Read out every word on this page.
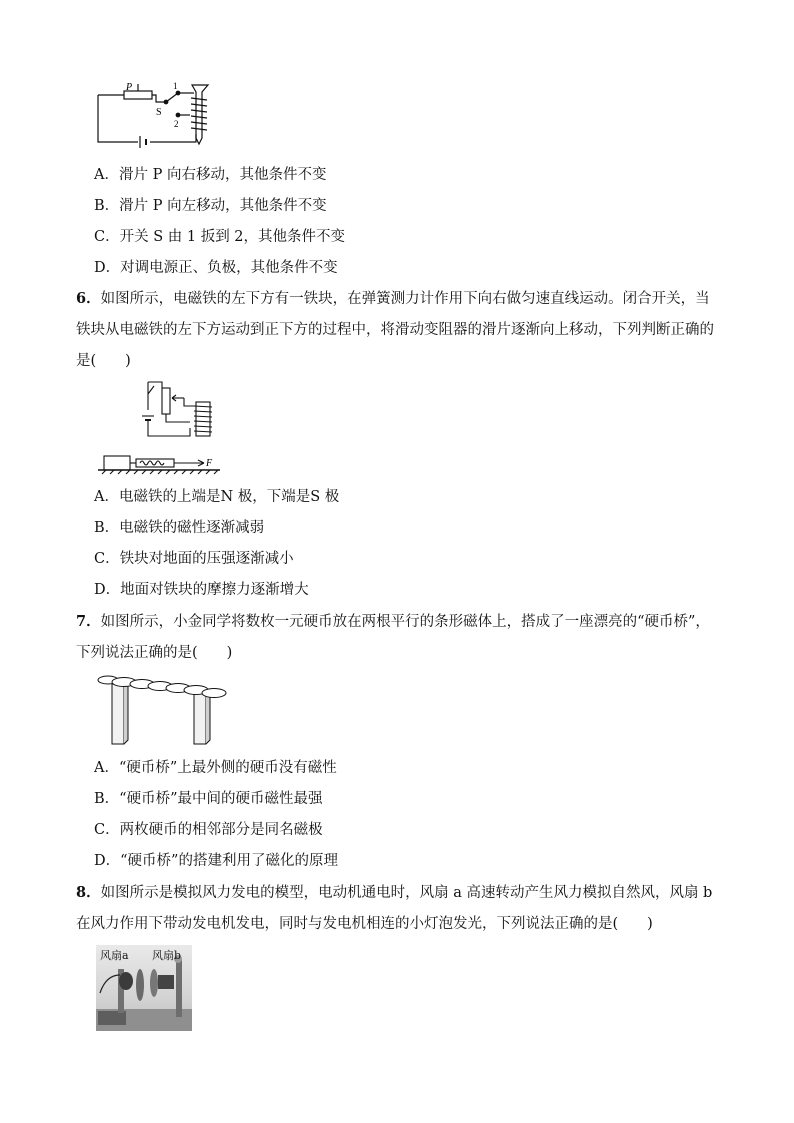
P
S
1
2
A．滑片 P 向右移动，其他条件不变
B．滑片 P 向左移动，其他条件不变
C．开关 S 由 1 扳到 2，其他条件不变
D．对调电源正、负极，其他条件不变
6．如图所示，电磁铁的左下方有一铁块，在弹簧测力计作用下向右做匀速直线运动。闭合开关，当
铁块从电磁铁的左下方运动到正下方的过程中，将滑动变阻器的滑片逐渐向上移动，下列判断正确的
是(　　)
F
A．电磁铁的上端是N 极，下端是S 极
B．电磁铁的磁性逐渐减弱
C．铁块对地面的压强逐渐减小
D．地面对铁块的摩擦力逐渐增大
7．如图所示，小金同学将数枚一元硬币放在两根平行的条形磁体上，搭成了一座漂亮的“硬币桥”，
下列说法正确的是(　　)
A．“硬币桥”上最外侧的硬币没有磁性
B．“硬币桥”最中间的硬币磁性最强
C．两枚硬币的相邻部分是同名磁极
D．“硬币桥”的搭建利用了磁化的原理
8．如图所示是模拟风力发电的模型，电动机通电时，风扇 a 高速转动产生风力模拟自然风，风扇 b
在风力作用下带动发电机发电，同时与发电机相连的小灯泡发光，下列说法正确的是(　　)
风扇a 风扇b
